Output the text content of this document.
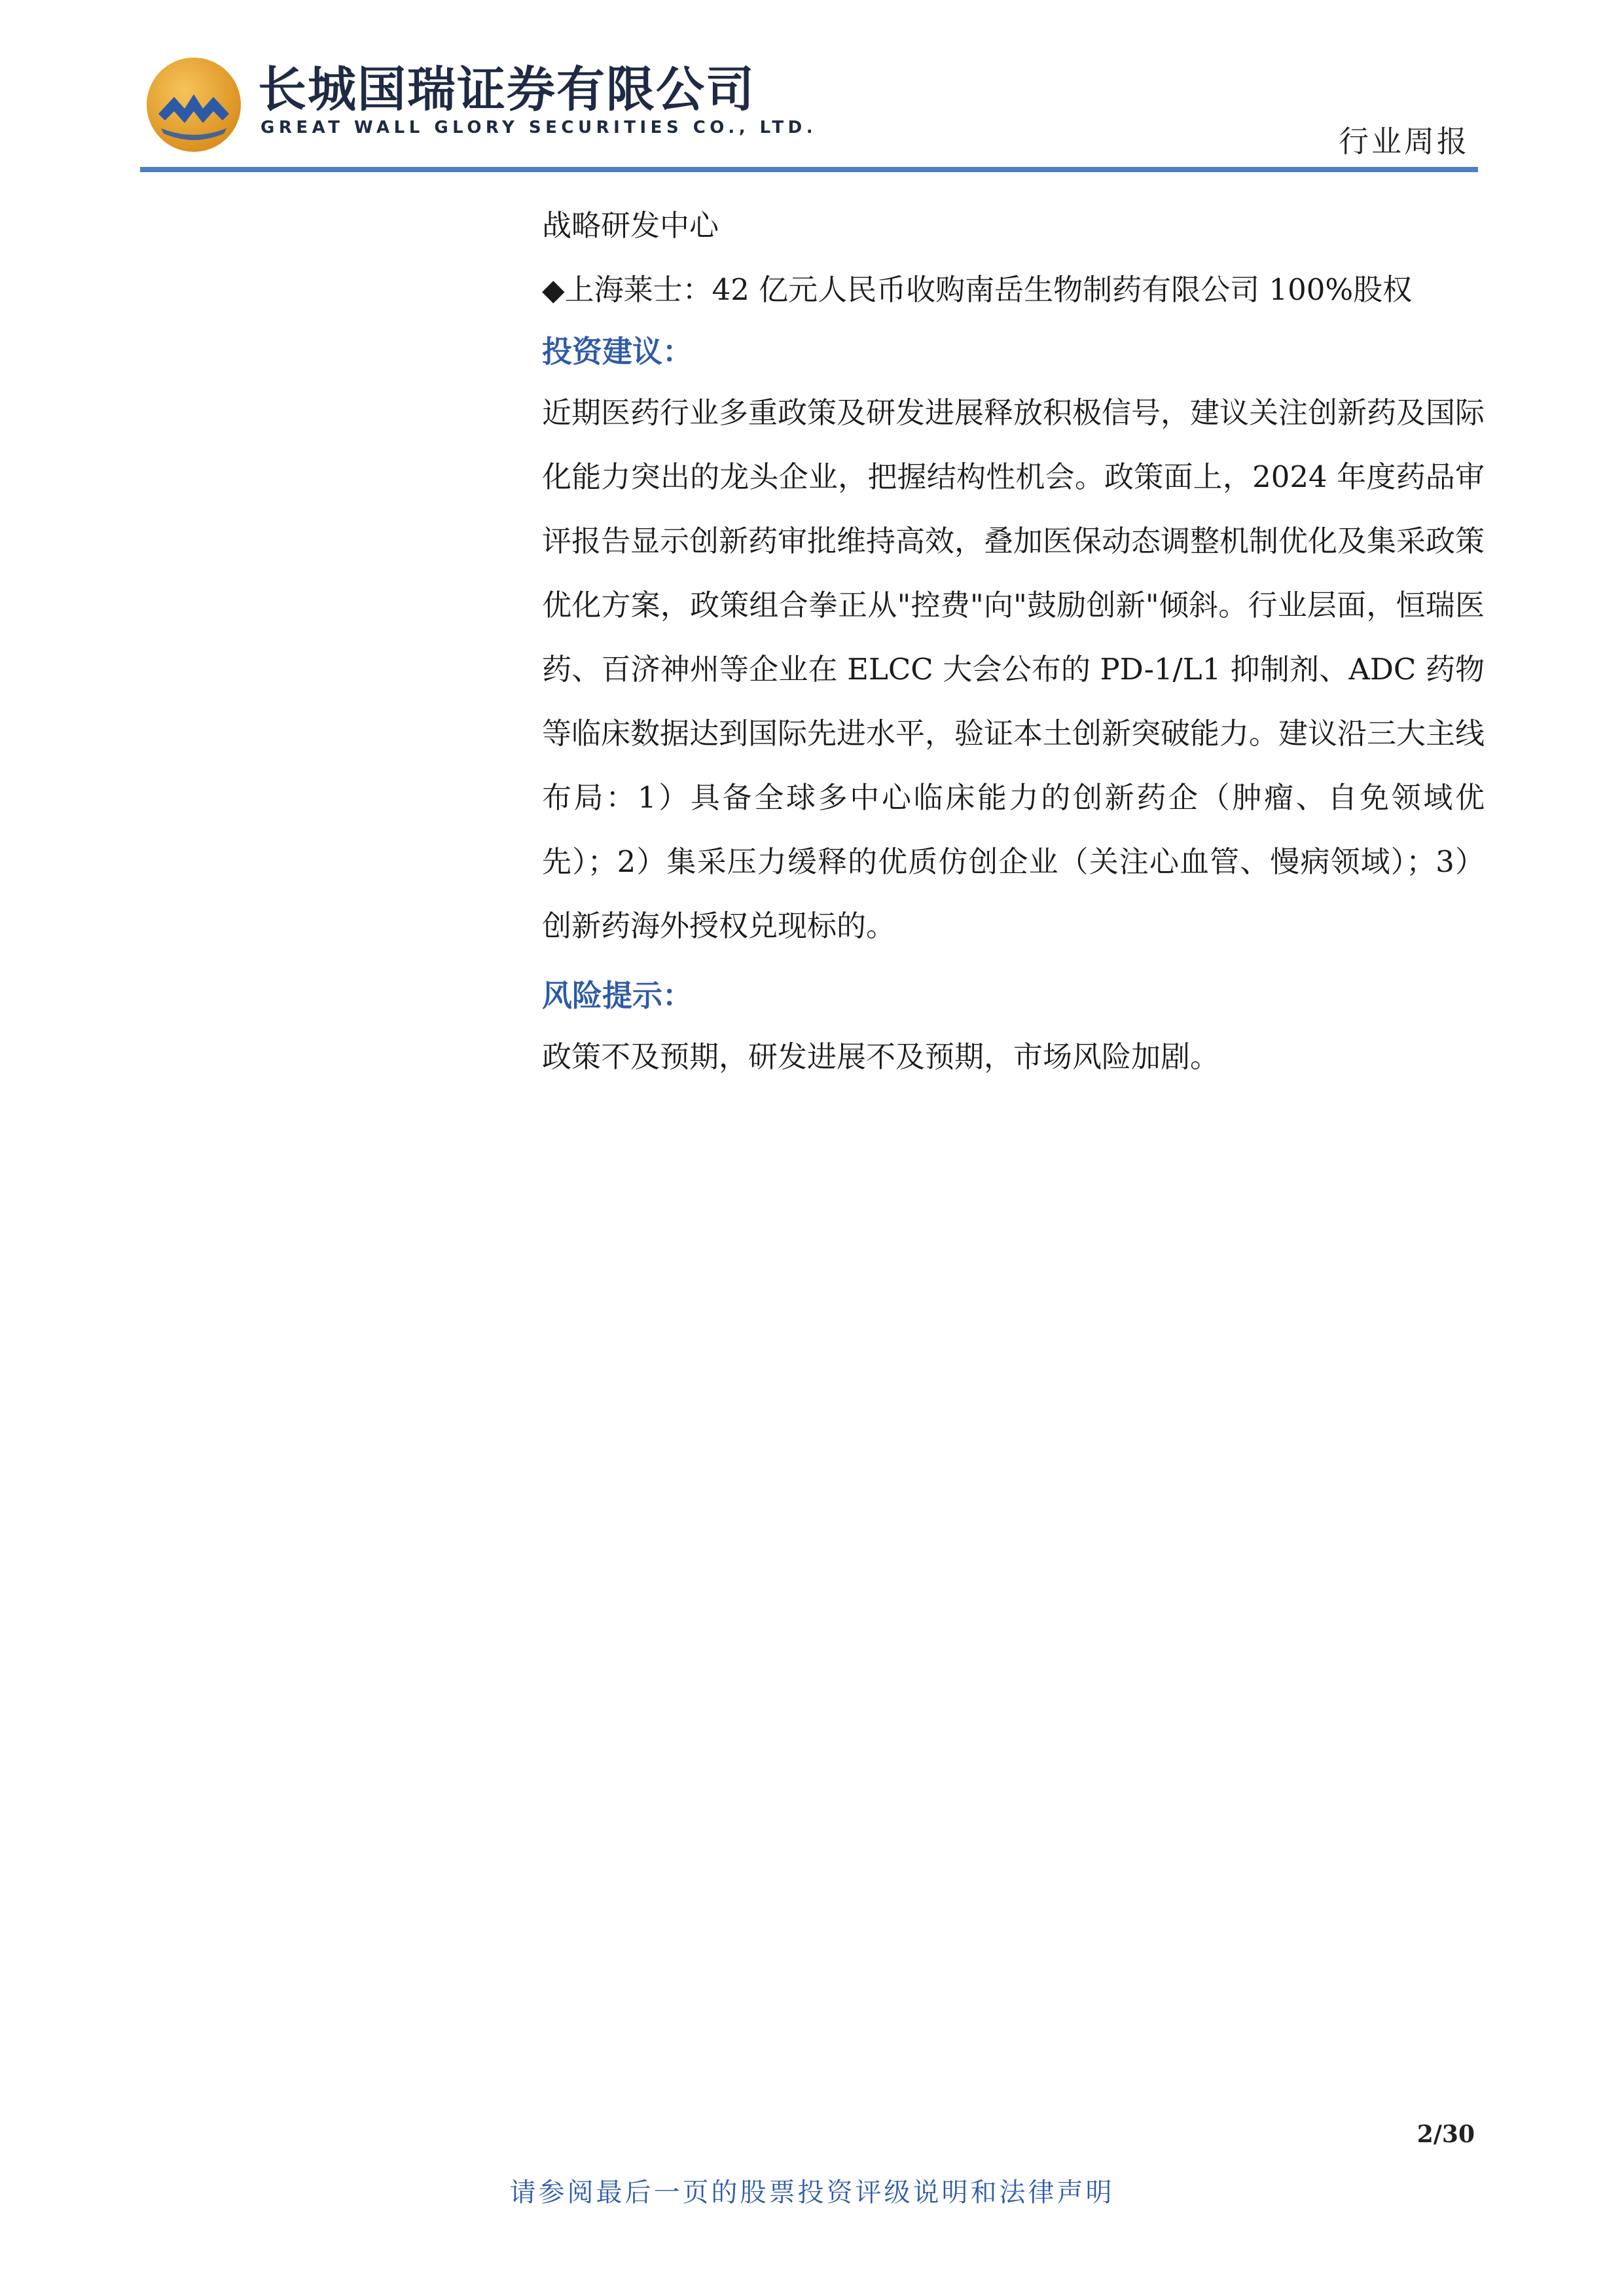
长城国瑞证券有限公司
GREAT WALL GLORY SECURITIES CO., LTD.	行业周报

战略研发中心

◆上海莱士：42 亿元人民币收购南岳生物制药有限公司 100%股权

投资建议：

近期医药行业多重政策及研发进展释放积极信号，建议关注创新药及国际化能力突出的龙头企业，把握结构性机会。政策面上，2024 年度药品审评报告显示创新药审批维持高效，叠加医保动态调整机制优化及集采政策优化方案，政策组合拳正从"控费"向"鼓励创新"倾斜。行业层面，恒瑞医药、百济神州等企业在 ELCC 大会公布的 PD-1/L1 抑制剂、ADC 药物等临床数据达到国际先进水平，验证本土创新突破能力。建议沿三大主线布局：1）具备全球多中心临床能力的创新药企（肿瘤、自免领域优先）；2）集采压力缓释的优质仿创企业（关注心血管、慢病领域）；3）创新药海外授权兑现标的。

风险提示：

政策不及预期，研发进展不及预期，市场风险加剧。

2/30
请参阅最后一页的股票投资评级说明和法律声明
